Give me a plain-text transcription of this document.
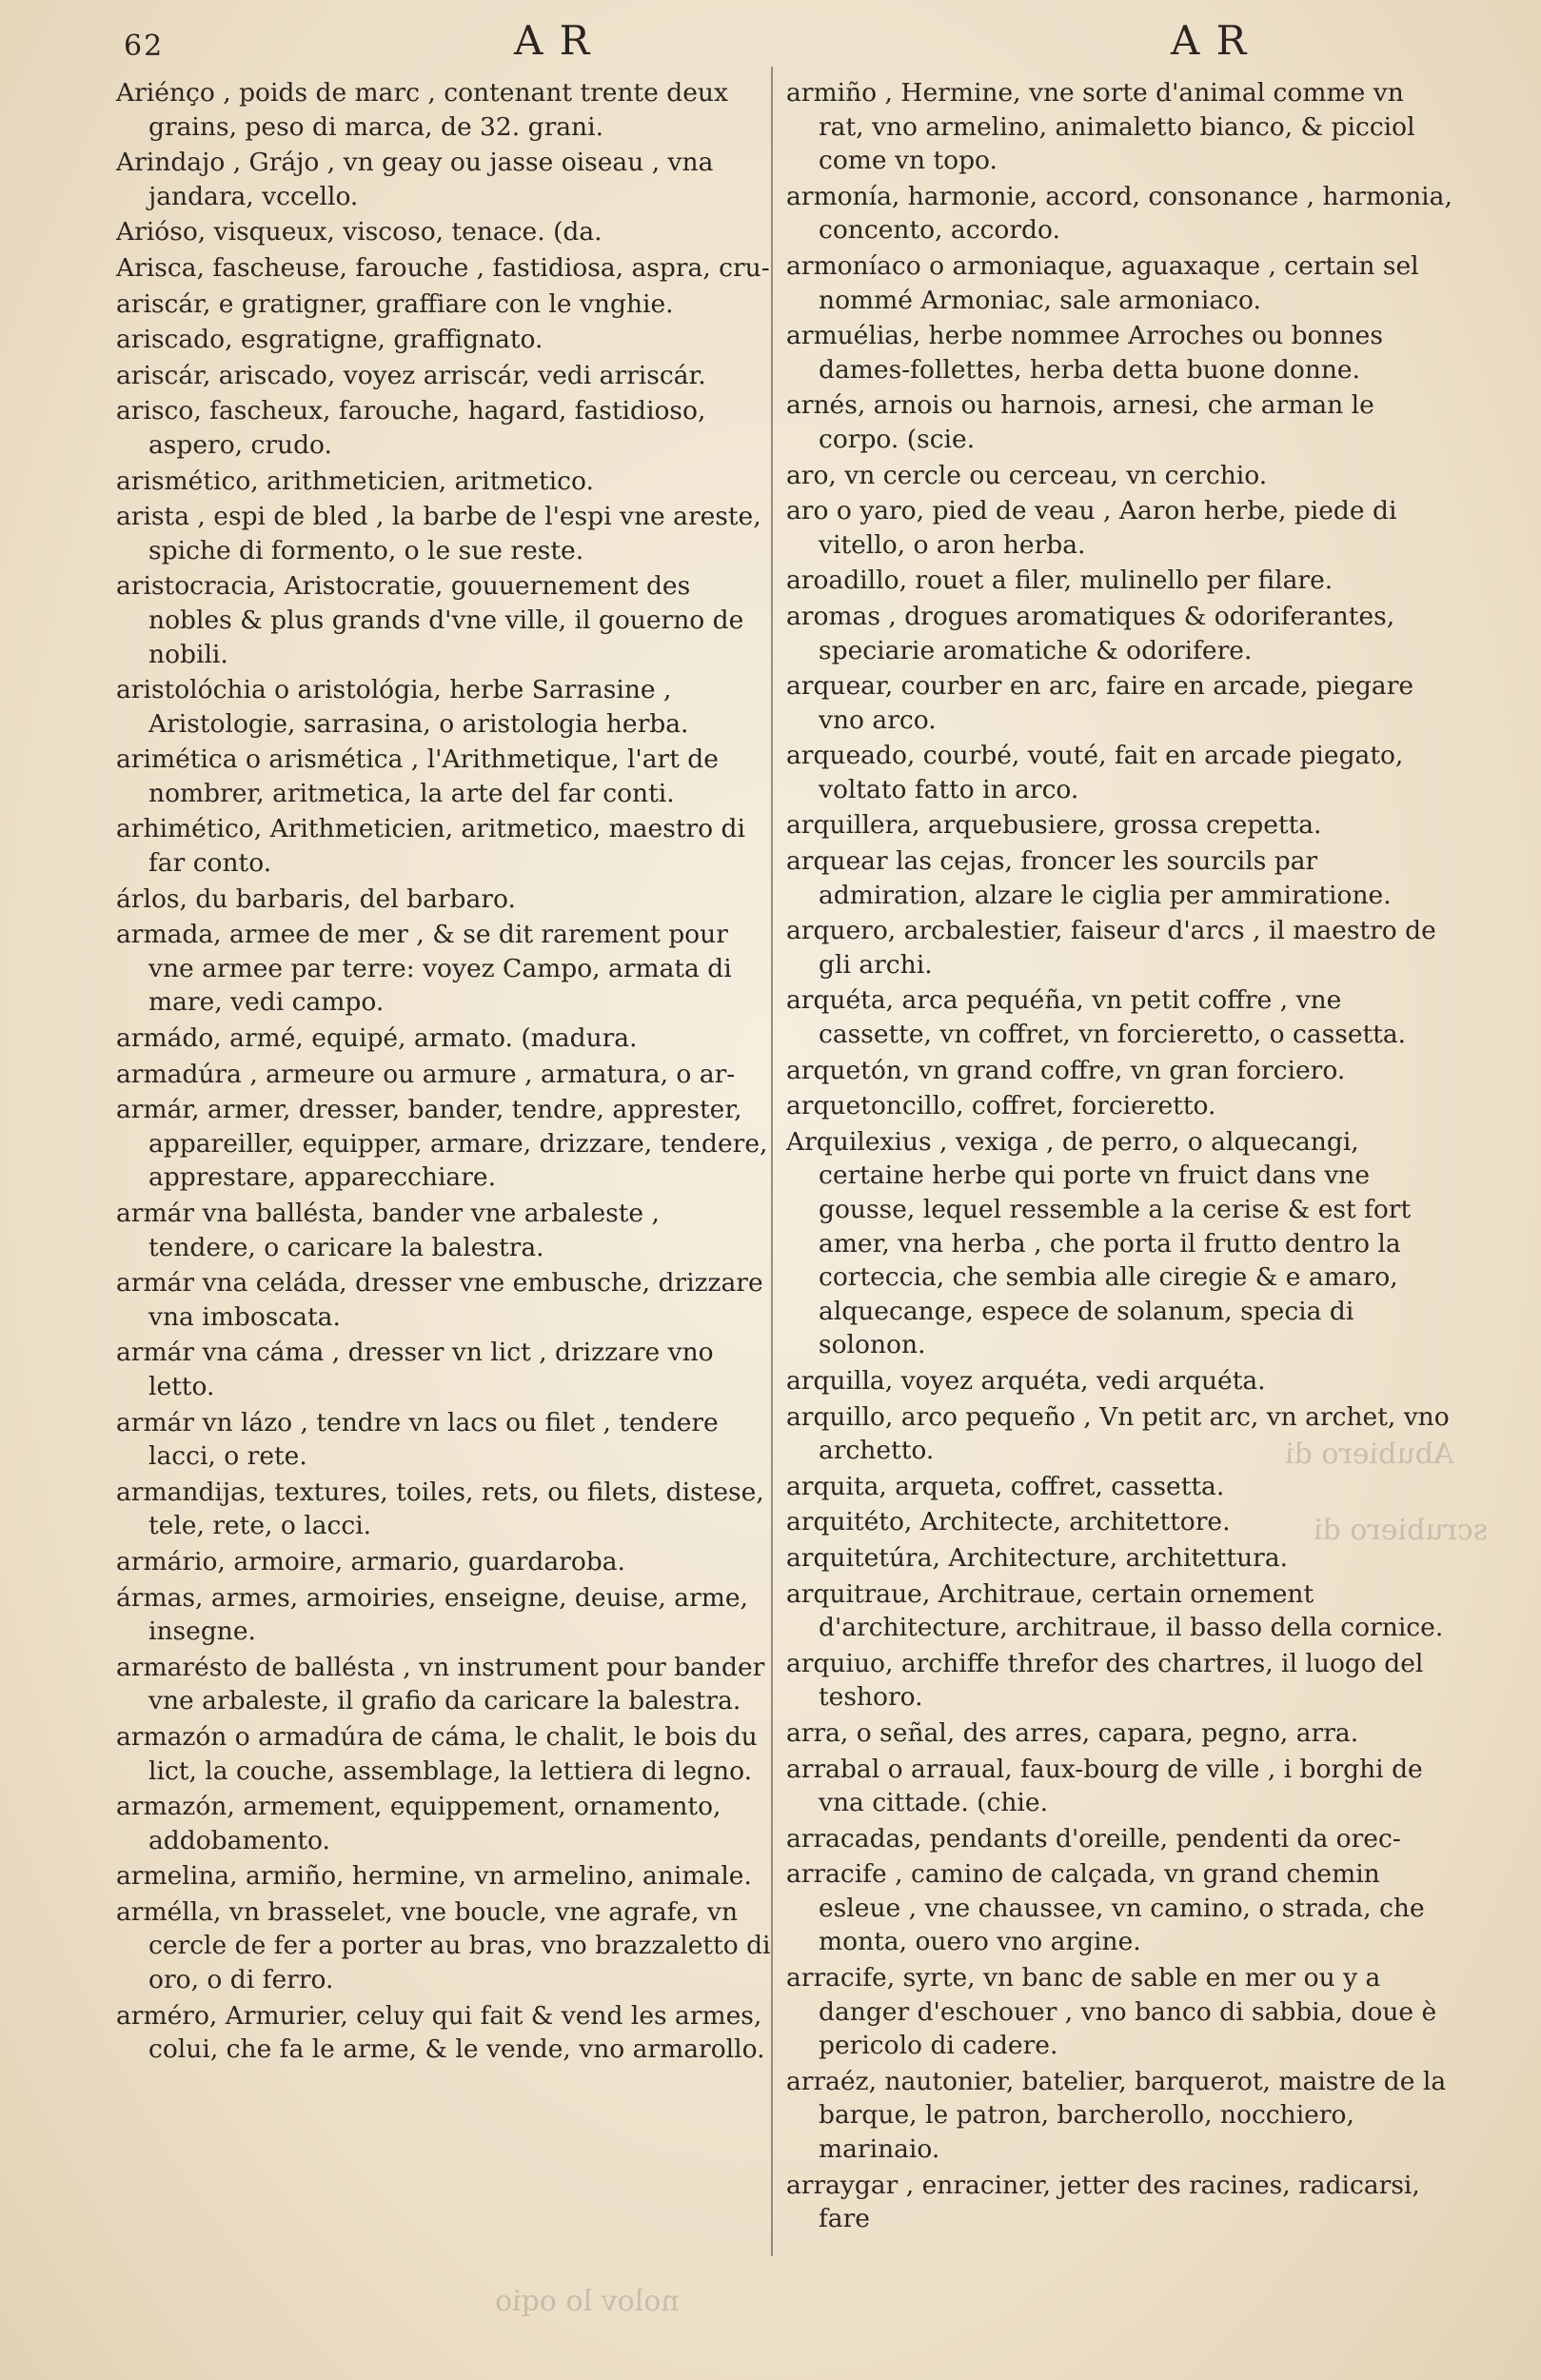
62	A R	A R

Ariénço , poids de marc , contenant trente deux grains, peso di marca, de 32. grani.

Arindajo , Grájo , vn geay ou jasse oiseau , vna jandara, vccello.

Arióso, visqueux, viscoso, tenace. (da.

Arisca, fascheuse, farouche , fastidiosa, aspra, cru-

ariscár, e gratigner, graffiare con le vnghie.

ariscado, esgratigne, graffignato.

ariscár, ariscado, voyez arriscár, vedi arriscár.

arisco, fascheux, farouche, hagard, fastidioso, aspero, crudo.

arismético, arithmeticien, aritmetico.

arista , espi de bled , la barbe de l'espi vne areste, spiche di formento, o le sue reste.

aristocracia, Aristocratie, gouuernement des nobles & plus grands d'vne ville, il gouerno de nobili.

aristolóchia o aristológia, herbe Sarrasine , Aristologie, sarrasina, o aristologia herba.

arimética o arismética , l'Arithmetique, l'art de nombrer, aritmetica, la arte del far conti.

arhimético, Arithmeticien, aritmetico, maestro di far conto.

árlos, du barbaris, del barbaro.

armada, armee de mer , & se dit rarement pour vne armee par terre: voyez Campo, armata di mare, vedi campo.

armádo, armé, equipé, armato. (madura.

armadúra , armeure ou armure , armatura, o ar-

armár, armer, dresser, bander, tendre, apprester, appareiller, equipper, armare, drizzare, tendere, apprestare, apparecchiare.

armár vna ballésta, bander vne arbaleste , tendere, o caricare la balestra.

armár vna celáda, dresser vne embusche, drizzare vna imboscata.

armár vna cáma , dresser vn lict , drizzare vno letto.

armár vn lázo , tendre vn lacs ou filet , tendere lacci, o rete.

armandijas, textures, toiles, rets, ou filets, distese, tele, rete, o lacci.

armário, armoire, armario, guardaroba.

ármas, armes, armoiries, enseigne, deuise, arme, insegne.

armarésto de ballésta , vn instrument pour bander vne arbaleste, il grafio da caricare la balestra.

armazón o armadúra de cáma, le chalit, le bois du lict, la couche, assemblage, la lettiera di legno.

armazón, armement, equippement, ornamento, addobamento.

armelina, armiño, hermine, vn armelino, animale.

arméllа, vn brasselet, vne boucle, vne agrafe, vn cercle de fer a porter au bras, vno brazzaletto di oro, o di ferro.

arméro, Armurier, celuy qui fait & vend les armes, colui, che fa le arme, & le vende, vno armarollo.

armiño , Hermine, vne sorte d'animal comme vn rat, vno armelino, animaletto bianco, & picciol come vn topo.

armonía, harmonie, accord, consonance , harmonia, concento, accordo.

armoníaco o armoniaque, aguaxaque , certain sel nommé Armoniac, sale armoniaco.

armuélias, herbe nommee Arroches ou bonnes dames-follettes, herba detta buone donne.

arnés, arnois ou harnois, arnesi, che arman le corpo. (scie.

aro, vn cercle ou cerceau, vn cerchio.

aro o yaro, pied de veau , Aaron herbe, piede di vitello, o aron herba.

aroadillo, rouet a filer, mulinello per filare.

aromas , drogues aromatiques & odoriferantes, speciarie aromatiche & odorifere.

arquear, courber en arc, faire en arcade, piegare vno arco.

arqueado, courbé, vouté, fait en arcade piegato, voltato fatto in arco.

arquillera, arquebusiere, grossa crepetta.

arquear las cejas, froncer les sourcils par admiration, alzare le ciglia per ammiratione.

arquero, arcbalestier, faiseur d'arcs , il maestro de gli archi.

arquéta, arca pequéña, vn petit coffre , vne cassette, vn coffret, vn forcieretto, o cassetta.

arquetón, vn grand coffre, vn gran forciero.

arquetoncillo, coffret, forcieretto.

Arquilexius , vexiga , de perro, o alquecangi, certaine herbe qui porte vn fruict dans vne gousse, lequel ressemble a la cerise & est fort amer, vna herba , che porta il frutto dentro la corteccia, che sembia alle ciregie & e amaro, alquecange, espece de solanum, specia di solonon.

arquilla, voyez arquéta, vedi arquéta.

arquillo, arco pequeño , Vn petit arc, vn archet, vno archetto.

arquita, arqueta, coffret, cassetta.

arquitéto, Architecte, architettore.

arquitetúra, Architecture, architettura.

arquitraue, Architraue, certain ornement d'architecture, architraue, il basso della cornice.

arquiuo, archiffe threfor des chartres, il luogo del teshoro.

arra, o señal, des arres, capara, pegno, arra.

arrabal o arraual, faux-bourg de ville , i borghi de vna cittade. (chie.

arracadas, pendants d'oreille, pendenti da orec-

arracife , camino de calçada, vn grand chemin esleue , vne chaussee, vn camino, o strada, che monta, ouero vno argine.

arracife, syrte, vn banc de sable en mer ou y a danger d'eschouer , vno banco di sabbia, doue è pericolo di cadere.

arraéz, nautonier, batelier, barquerot, maistre de la barque, le patron, barcherollo, nocchiero, marinaio.

arraygar , enraciner, jetter des racines, radicarsi, fare

Abubiero di
scrubiero di
nolov lo oqio
